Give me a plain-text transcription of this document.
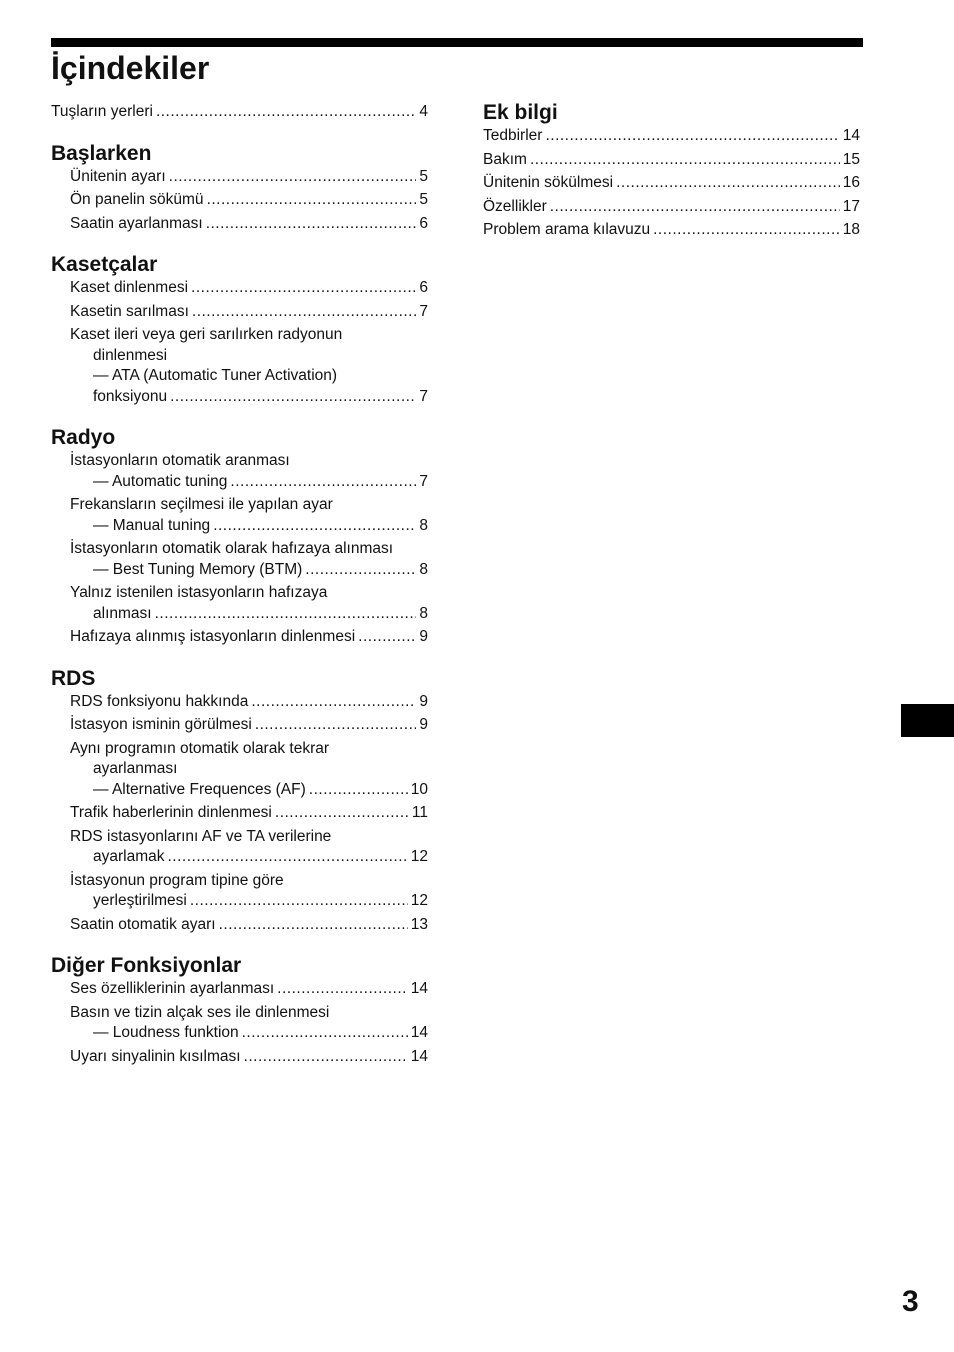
İçindekiler
Tuşların yerleri .....	4
Başlarken
Ünitenin ayarı .....	5
Ön panelin sökümü .....	5
Saatin ayarlanması .....	6
Kasetçalar
Kaset dinlenmesi .....	6
Kasetin sarılması .....	7
Kaset ileri veya geri sarılırken radyonun
dinlenmesi
— ATA (Automatic Tuner Activation)
fonksiyonu .....	7
Radyo
İstasyonların otomatik aranması
— Automatic tuning .....	7
Frekansların seçilmesi ile yapılan ayar
— Manual tuning .....	8
İstasyonların otomatik olarak hafızaya alınması
— Best Tuning Memory (BTM) .....	8
Yalnız istenilen istasyonların hafızaya
alınması .....	8
Hafızaya alınmış istasyonların dinlenmesi .....	9
RDS
RDS fonksiyonu hakkında .....	9
İstasyon isminin görülmesi .....	9
Aynı programın otomatik olarak tekrar
ayarlanması
— Alternative Frequences (AF) .....	10
Trafik haberlerinin dinlenmesi .....	11
RDS istasyonlarını AF ve TA verilerine
ayarlamak .....	12
İstasyonun program tipine göre
yerleştirilmesi .....	12
Saatin otomatik ayarı .....	13
Diğer Fonksiyonlar
Ses özelliklerinin ayarlanması .....	14
Basın ve tizin alçak ses ile dinlenmesi
— Loudness funktion .....	14
Uyarı sinyalinin kısılması .....	14
Ek bilgi
Tedbirler .....	14
Bakım .....	15
Ünitenin sökülmesi .....	16
Özellikler .....	17
Problem arama kılavuzu .....	18
3
